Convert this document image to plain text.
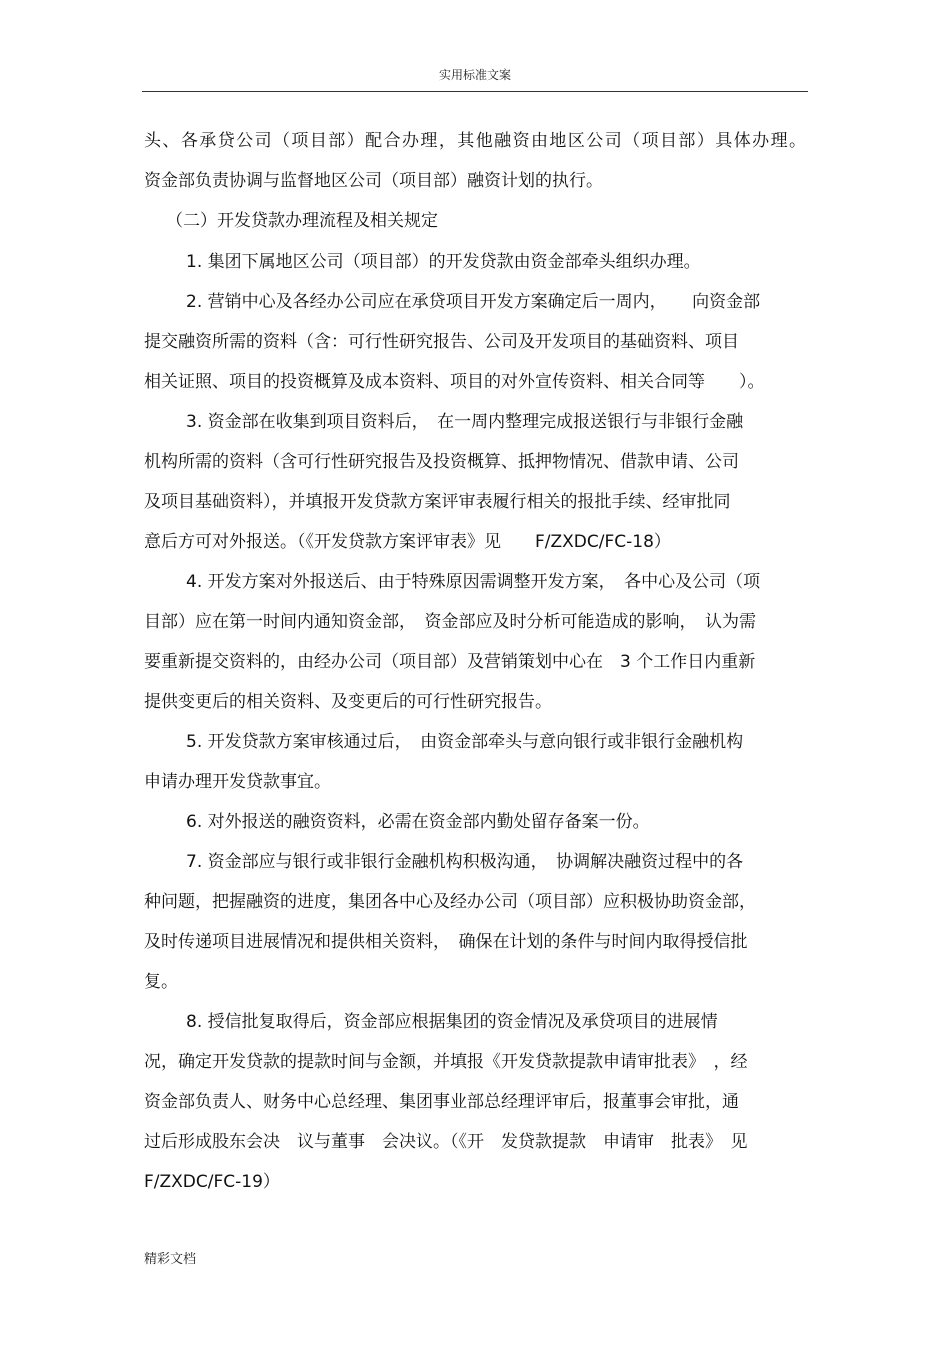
实用标准文案
头、各承贷公司（项目部）配合办理，其他融资由地区公司（项目部）具体办理。
资金部负责协调与监督地区公司（项目部）融资计划的执行。
（二）开发贷款办理流程及相关规定
1. 集团下属地区公司（项目部）的开发贷款由资金部牵头组织办理。
2. 营销中心及各经办公司应在承贷项目开发方案确定后一周内，　　向资金部
提交融资所需的资料（含：可行性研究报告、公司及开发项目的基础资料、项目
相关证照、项目的投资概算及成本资料、项目的对外宣传资料、相关合同等　　）。
3. 资金部在收集到项目资料后，　在一周内整理完成报送银行与非银行金融
机构所需的资料（含可行性研究报告及投资概算、抵押物情况、借款申请、公司
及项目基础资料），并填报开发贷款方案评审表履行相关的报批手续、经审批同
意后方可对外报送。（《开发贷款方案评审表》见　　F/ZXDC/FC-18）
4. 开发方案对外报送后、由于特殊原因需调整开发方案，　各中心及公司（项
目部）应在第一时间内通知资金部，　资金部应及时分析可能造成的影响，　认为需
要重新提交资料的，由经办公司（项目部）及营销策划中心在　3 个工作日内重新
提供变更后的相关资料、及变更后的可行性研究报告。
5. 开发贷款方案审核通过后，　由资金部牵头与意向银行或非银行金融机构
申请办理开发贷款事宜。
6. 对外报送的融资资料，必需在资金部内勤处留存备案一份。
7. 资金部应与银行或非银行金融机构积极沟通，　协调解决融资过程中的各
种问题，把握融资的进度，集团各中心及经办公司（项目部）应积极协助资金部，
及时传递项目进展情况和提供相关资料，　确保在计划的条件与时间内取得授信批
复。
8. 授信批复取得后，资金部应根据集团的资金情况及承贷项目的进展情
况，确定开发贷款的提款时间与金额，并填报《开发贷款提款申请审批表》　，经
资金部负责人、财务中心总经理、集团事业部总经理评审后，报董事会审批，通
过后形成股东会决　议与董事　会决议。（《开　发贷款提款　申请审　批表》　见
F/ZXDC/FC-19）
精彩文档
